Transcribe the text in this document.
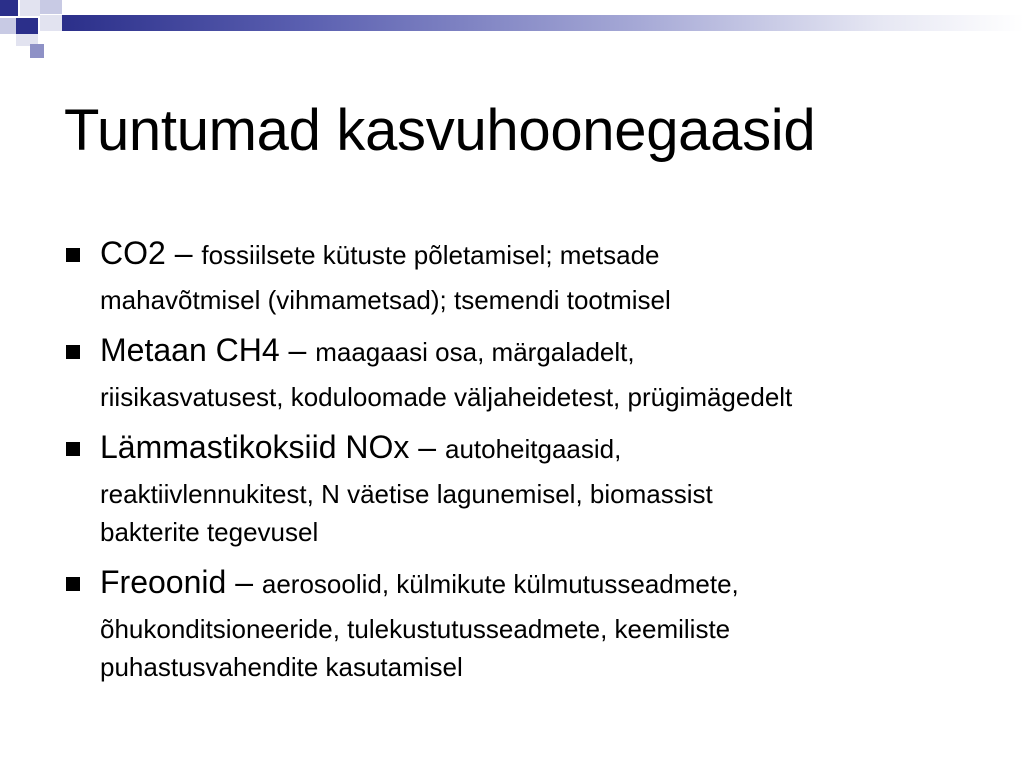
Tuntumad kasvuhoonegaasid
CO2 – fossiilsete kütuste põletamisel; metsade
mahavõtmisel (vihmametsad); tsemendi tootmisel
Metaan CH4 – maagaasi osa, märgaladelt,
riisikasvatusest, koduloomade väljaheidetest, prügimägedelt
Lämmastikoksiid NOx – autoheitgaasid,
reaktiivlennukitest, N väetise lagunemisel, biomassist
bakterite tegevusel
Freoonid – aerosoolid, külmikute külmutusseadmete,
õhukonditsioneeride, tulekustutusseadmete, keemiliste
puhastusvahendite kasutamisel
